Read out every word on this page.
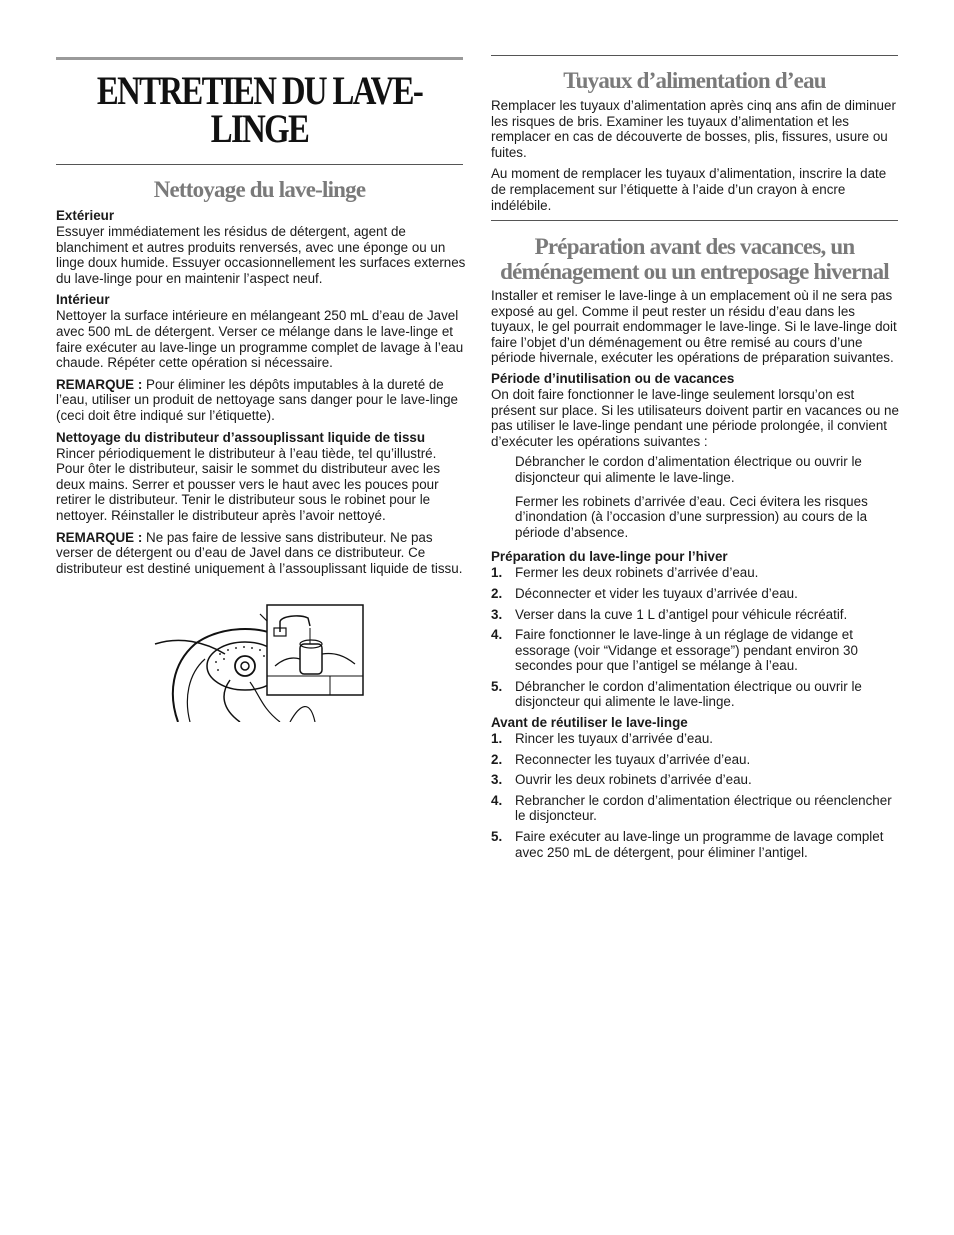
ENTRETIEN DU LAVE-
LINGE
Nettoyage du lave-linge

Extérieur

Essuyer immédiatement les résidus de détergent, agent de blanchiment et autres produits renversés, avec une éponge ou un linge doux humide. Essuyer occasionnellement les surfaces externes du lave-linge pour en maintenir l’aspect neuf.

Intérieur

Nettoyer la surface intérieure en mélangeant 250 mL d’eau de Javel avec 500 mL de détergent. Verser ce mélange dans le lave-linge et faire exécuter au lave-linge un programme complet de lavage à l’eau chaude. Répéter cette opération si nécessaire.

REMARQUE : Pour éliminer les dépôts imputables à la dureté de l’eau, utiliser un produit de nettoyage sans danger pour le lave-linge (ceci doit être indiqué sur l’étiquette).

Nettoyage du distributeur d’assouplissant liquide de tissu

Rincer périodiquement le distributeur à l’eau tiède, tel qu’illustré. Pour ôter le distributeur, saisir le sommet du distributeur avec les deux mains. Serrer et pousser vers le haut avec les pouces pour retirer le distributeur. Tenir le distributeur sous le robinet pour le nettoyer. Réinstaller le distributeur après l’avoir nettoyé.

REMARQUE : Ne pas faire de lessive sans distributeur. Ne pas verser de détergent ou d’eau de Javel dans ce distributeur. Ce distributeur est destiné uniquement à l’assouplissant liquide de tissu.

Tuyaux d’alimentation d’eau

Remplacer les tuyaux d’alimentation après cinq ans afin de diminuer les risques de bris. Examiner les tuyaux d’alimentation et les remplacer en cas de découverte de bosses, plis, fissures, usure ou fuites.

Au moment de remplacer les tuyaux d’alimentation, inscrire la date de remplacement sur l’étiquette à l’aide d’un crayon à encre indélébile.

Préparation avant des vacances, un
déménagement ou un entreposage hivernal

Installer et remiser le lave-linge à un emplacement où il ne sera pas exposé au gel. Comme il peut rester un résidu d’eau dans les tuyaux, le gel pourrait endommager le lave-linge. Si le lave-linge doit faire l’objet d’un déménagement ou être remisé au cours d’une période hivernale, exécuter les opérations de préparation suivantes.

Période d’inutilisation ou de vacances

On doit faire fonctionner le lave-linge seulement lorsqu’on est présent sur place. Si les utilisateurs doivent partir en vacances ou ne pas utiliser le lave-linge pendant une période prolongée, il convient d’exécuter les opérations suivantes :

Débrancher le cordon d’alimentation électrique ou ouvrir le disjoncteur qui alimente le lave-linge.

Fermer les robinets d’arrivée d’eau. Ceci évitera les risques d’inondation (à l’occasion d’une surpression) au cours de la période d’absence.

Préparation du lave-linge pour l’hiver

1. Fermer les deux robinets d’arrivée d’eau.
2. Déconnecter et vider les tuyaux d’arrivée d’eau.
3. Verser dans la cuve 1 L d’antigel pour véhicule récréatif.
4. Faire fonctionner le lave-linge à un réglage de vidange et essorage (voir “Vidange et essorage”) pendant environ 30 secondes pour que l’antigel se mélange à l’eau.
5. Débrancher le cordon d’alimentation électrique ou ouvrir le disjoncteur qui alimente le lave-linge.

Avant de réutiliser le lave-linge

1. Rincer les tuyaux d’arrivée d’eau.
2. Reconnecter les tuyaux d’arrivée d’eau.
3. Ouvrir les deux robinets d’arrivée d’eau.
4. Rebrancher le cordon d’alimentation électrique ou réenclencher le disjoncteur.
5. Faire exécuter au lave-linge un programme de lavage complet avec 250 mL de détergent, pour éliminer l’antigel.
